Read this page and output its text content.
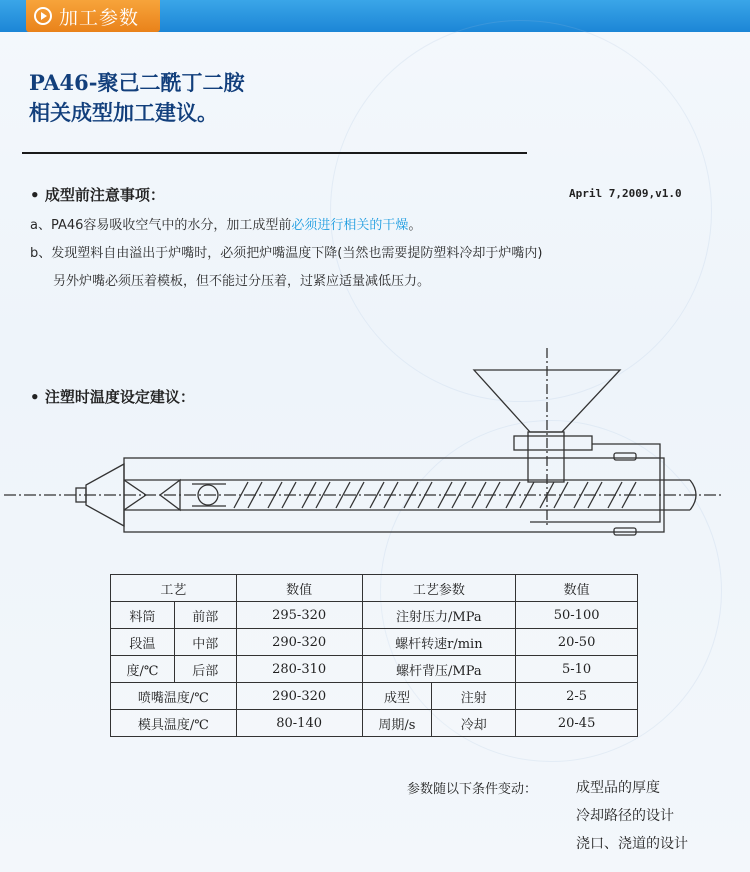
加工参数
PA46-聚己二酰丁二胺
相关成型加工建议。
• 成型前注意事项：	April 7,2009,v1.0
a、PA46容易吸收空气中的水分，加工成型前必须进行相关的干燥。
b、发现塑料自由溢出于炉嘴时，必须把炉嘴温度下降(当然也需要提防塑料冷却于炉嘴内)
另外炉嘴必须压着模板，但不能过分压着，过紧应适量减低压力。
• 注塑时温度设定建议：
工艺		数值	工艺参数		数值
料筒	前部	295-320	注射压力/MPa		50-100
段温	中部	290-320	螺杆转速r/min		20-50
度/℃	后部	280-310	螺杆背压/MPa		5-10
喷嘴温度/℃		290-320	成型	注射	2-5
模具温度/℃		80-140	周期/s	冷却	20-45
参数随以下条件变动：	成型品的厚度
冷却路径的设计
浇口、浇道的设计
